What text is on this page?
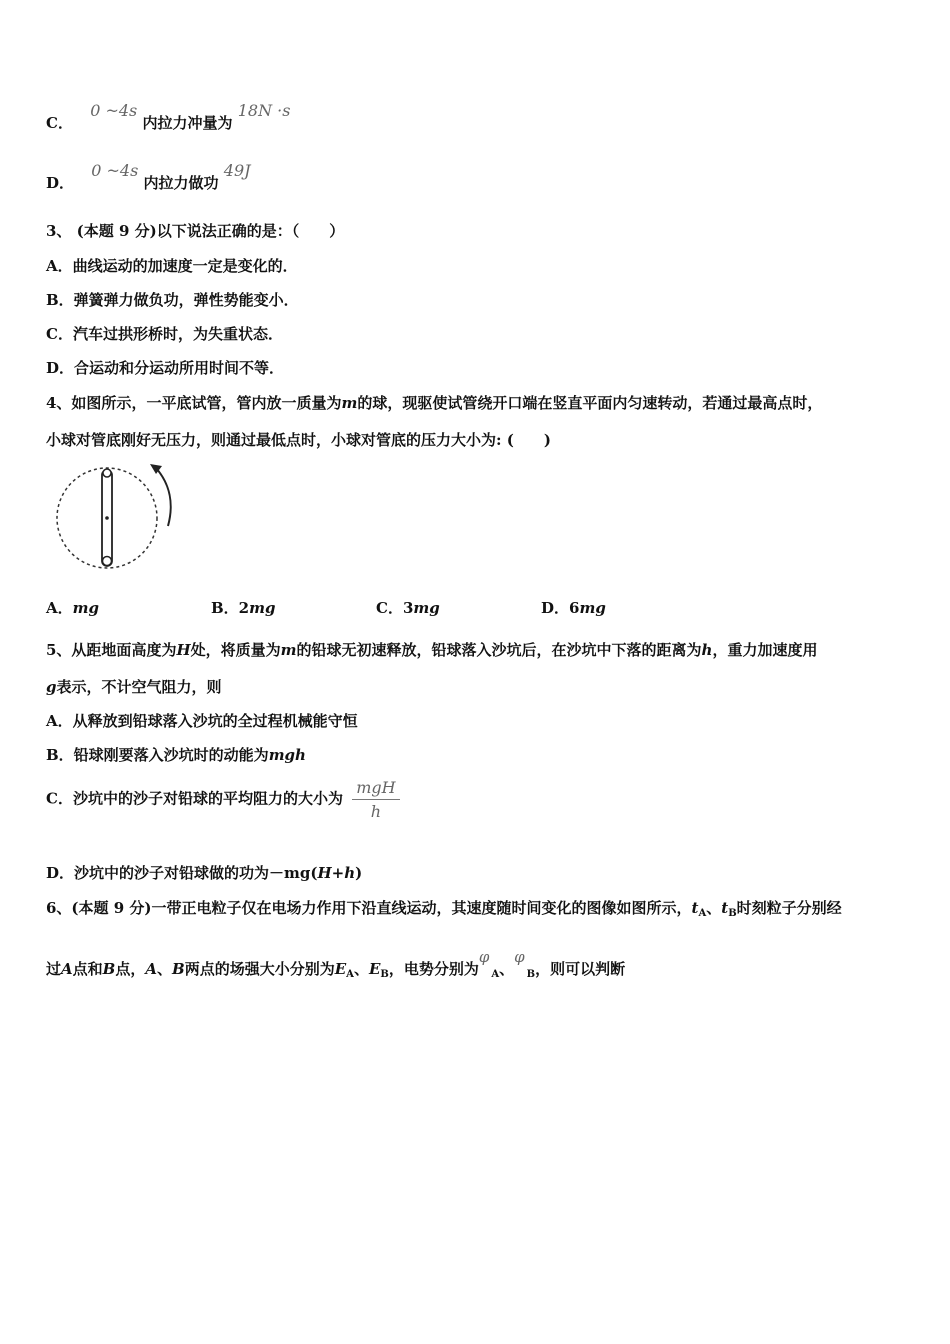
C． 0 ~4s 内拉力冲量为 18N ·s
D． 0 ~4s 内拉力做功 49J
3、 (本题 9 分)以下说法正确的是：（　　）
A．曲线运动的加速度一定是变化的．
B．弹簧弹力做负功，弹性势能变小．
C．汽车过拱形桥时，为失重状态．
D．合运动和分运动所用时间不等．
4、如图所示，一平底试管，管内放一质量为m的球，现驱使试管绕开口端在竖直平面内匀速转动，若通过最高点时，
小球对管底刚好无压力，则通过最低点时，小球对管底的压力大小为: (　　)
A．mg	B．2mg	C．3mg	D．6mg
5、从距地面高度为H处，将质量为m的铅球无初速释放，铅球落入沙坑后，在沙坑中下落的距离为h，重力加速度用
g表示，不计空气阻力，则
A．从释放到铅球落入沙坑的全过程机械能守恒
B．铅球刚要落入沙坑时的动能为mgh
C．沙坑中的沙子对铅球的平均阻力的大小为 $\frac{\text{mgH}}{h}$
D．沙坑中的沙子对铅球做的功为－mg(H+h)
6、(本题 9 分)一带正电粒子仅在电场力作用下沿直线运动，其速度随时间变化的图像如图所示，$t_A$、$t_B$时刻粒子分别经
过A点和B点，A、B两点的场强大小分别为$E_A$、$E_B$，电势分别为$\varphi_A$、$\varphi_B$，则可以判断
